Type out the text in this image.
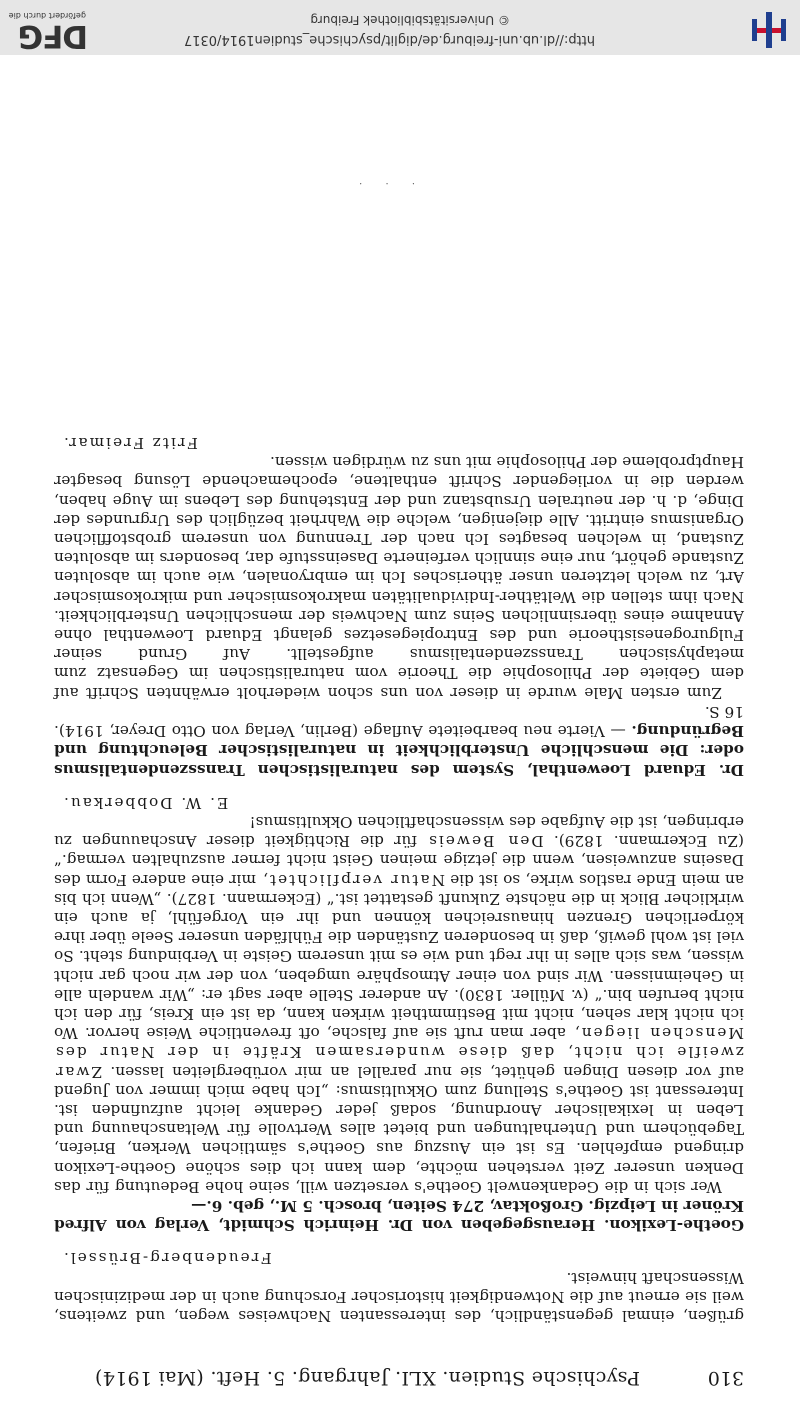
310
Psychische Studien. XLI. Jahrgang. 5. Heft. (Mai 1914)

grüßen, einmal gegenständlich, des interessanten Nachweises wegen, und zweitens, weil sie erneut auf die Notwendigkeit historischer Forschung auch in der medizinischen Wissenschaft hinweist.

Freudenberg-Brüssel.

Goethe-Lexikon. Herausgegeben von Dr. Heinrich Schmidt, Verlag von Alfred Kröner in Leipzig. Großoktav, 274 Seiten, brosch. 5 M., geb. 6.—

Wer sich in die Gedankenwelt Goethe's versetzen will, seine hohe Bedeutung für das Denken unserer Zeit verstehen möchte, dem kann ich dies schöne Goethe-Lexikon dringend empfehlen. Es ist ein Auszug aus Goethe's sämtlichen Werken, Briefen, Tagebüchern und Unterhaltungen und bietet alles Wertvolle für Weltanschauung und Leben in lexikalischer Anordnung, sodaß jeder Gedanke leicht aufzufinden ist. Interessant ist Goethe's Stellung zum Okkultismus: „Ich habe mich immer von Jugend auf vor diesen Dingen gehütet, sie nur parallel an mir vorübergleiten lassen. Zwar zweifle ich nicht, daß diese wundersamen Kräfte in der Natur des Menschen liegen, aber man ruft sie auf falsche, oft freventliche Weise hervor. Wo ich nicht klar sehen, nicht mit Bestimmtheit wirken kann, da ist ein Kreis, für den ich nicht berufen bin.“ (v. Müller. 1830). An anderer Stelle aber sagt er: „Wir wandeln alle in Geheimnissen. Wir sind von einer Atmosphäre umgeben, von der wir noch gar nicht wissen, was sich alles in ihr regt und wie es mit unserem Geiste in Verbindung steht. So viel ist wohl gewiß, daß in besonderen Zuständen die Fühlfäden unserer Seele über ihre körperlichen Grenzen hinausreichen können und ihr ein Vorgefühl, ja auch ein wirklicher Blick in die nächste Zukunft gestattet ist.“ (Eckermann. 1827). „Wenn ich bis an mein Ende rastlos wirke, so ist die Natur verpflichtet, mir eine andere Form des Daseins anzuweisen, wenn die jetzige meinen Geist nicht ferner auszuhalten vermag.“ (Zu Eckermann. 1829). Den Beweis für die Richtigkeit dieser Anschauungen zu erbringen, ist die Aufgabe des wissenschaftlichen Okkultismus!

E. W. Dobberkau.

Dr. Eduard Loewenthal, System des naturalistischen Transszendentalismus oder: Die menschliche Unsterblichkeit in naturalistischer Beleuchtung und Begründung. — Vierte neu bearbeitete Auflage (Berlin, Verlag von Otto Dreyer, 1914). 16 S.

Zum ersten Male wurde in dieser von uns schon wiederholt erwähnten Schrift auf dem Gebiete der Philosophie die Theorie vom naturalistischen im Gegensatz zum metaphysischen Transszendentalismus aufgestellt. Auf Grund seiner Fulgurogenesistheorie und des Entropiegesetzes gelangt Eduard Loewenthal ohne Annahme eines übersinnlichen Seins zum Nachweis der menschlichen Unsterblichkeit. Nach ihm stellen die Weltäther-Individualitäten makrokosmischer und mikrokosmischer Art, zu welch letzteren unser ätherisches Ich im embryonalen, wie auch im absoluten Zustande gehört, nur eine sinnlich verfeinerte Daseinsstufe dar, besonders im absoluten Zustand, in welchen besagtes Ich nach der Trennung von unserem grobstofflichen Organismus eintritt. Alle diejenigen, welche die Wahrheit bezüglich des Urgrundes der Dinge, d. h. der neutralen Ursubstanz und der Entstehung des Lebens im Auge haben, werden die in vorliegender Schrift enthaltene, epochemachende Lösung besagter Hauptprobleme der Philosophie mit uns zu würdigen wissen.

Fritz Freimar.

· · ·
http://dl.ub.uni-freiburg.de/diglit/psychische_studien1914/0317
© Universitätsbibliothek Freiburg
DFG
gefördert durch die
